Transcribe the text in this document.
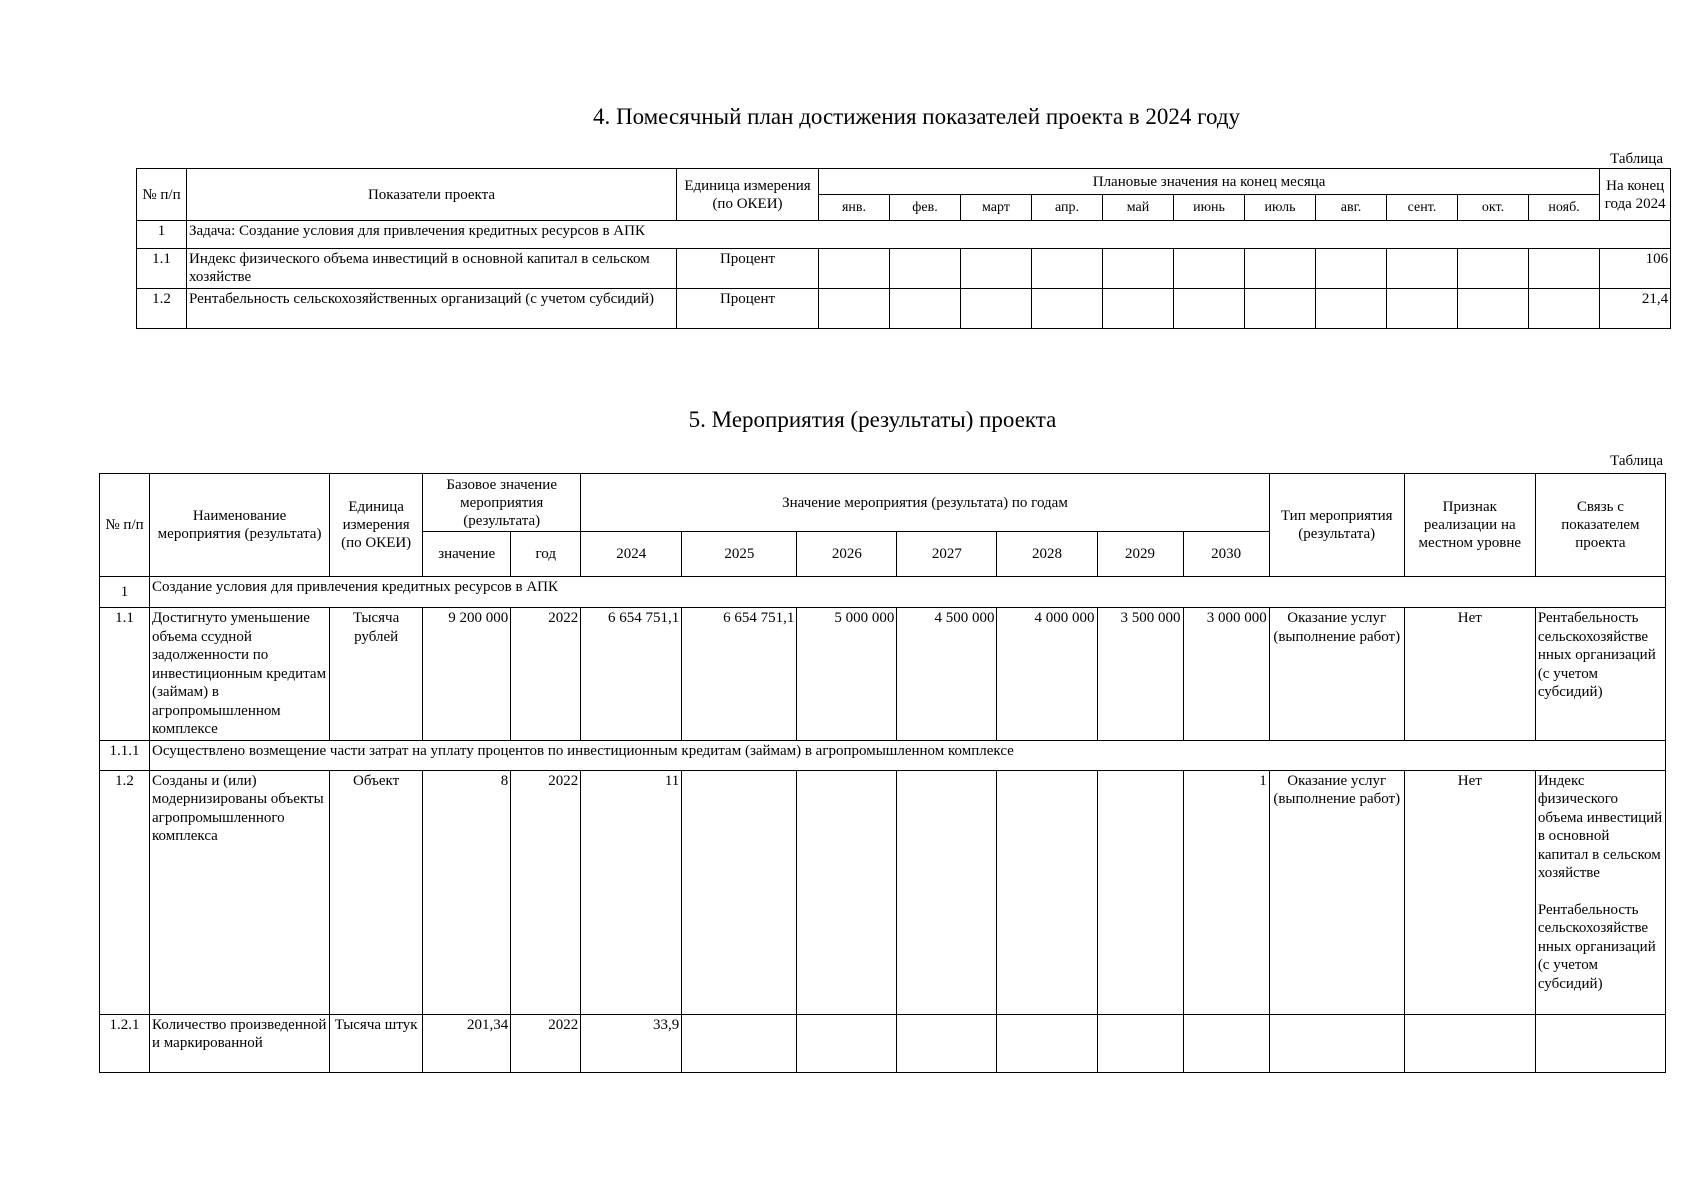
4. Помесячный план достижения показателей проекта в 2024 году
Таблица
№ п/п	Показатели проекта	Единица измерения (по ОКЕИ)	Плановые значения на конец месяца											На конец года 2024
			янв.	фев.	март	апр.	май	июнь	июль	авг.	сент.	окт.	нояб.	
1	Задача: Создание условия для привлечения кредитных ресурсов в АПК													
1.1	Индекс физического объема инвестиций в основной капитал в сельском хозяйстве	Процент												106
1.2	Рентабельность сельскохозяйственных организаций (с учетом субсидий)	Процент												21,4
5. Мероприятия (результаты) проекта
Таблица
№ п/п	Наименование мероприятия (результата)	Единица измерения (по ОКЕИ)	Базовое значение мероприятия (результата)		Значение мероприятия (результата) по годам							Тип мероприятия (результата)	Признак реализации на местном уровне	Связь с показателем проекта
			значение	год	2024	2025	2026	2027	2028	2029	2030			
1	Создание условия для привлечения кредитных ресурсов в АПК													
1.1	Достигнуто уменьшение объема ссудной задолженности по инвестиционным кредитам (займам) в агропромышленном комплексе	Тысяча рублей	9 200 000	2022	6 654 751,1	6 654 751,1	5 000 000	4 500 000	4 000 000	3 500 000	3 000 000	Оказание услуг (выполнение работ)	Нет	Рентабельность сельскохозяйстве нных организаций (с учетом субсидий)
1.1.1	Осуществлено возмещение части затрат на уплату процентов по инвестиционным кредитам (займам) в агропромышленном комплексе													
1.2	Созданы и (или) модернизированы объекты агропромышленного комплекса	Объект	8	2022	11						1	Оказание услуг (выполнение работ)	Нет	Индекс физического объема инвестиций в основной капитал в сельском хозяйстве
Рентабельность сельскохозяйстве нных организаций (с учетом субсидий)

1.2.1	Количество произведенной и маркированной	Тысяча штук	201,34	2022	33,9									
